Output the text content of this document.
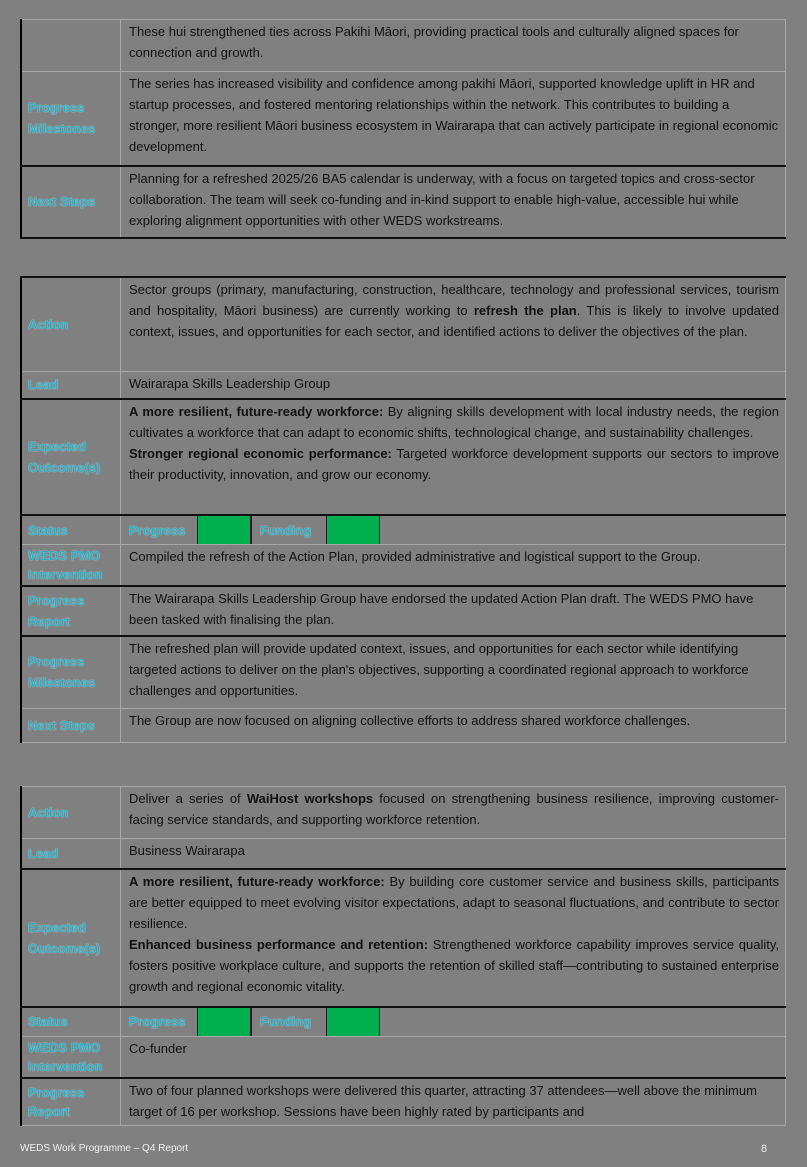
	These hui strengthened ties across Pakihi Māori, providing practical tools and culturally aligned spaces for connection and growth.
Progress Milestones	The series has increased visibility and confidence among pakihi Māori, supported knowledge uplift in HR and startup processes, and fostered mentoring relationships within the network. This contributes to building a stronger, more resilient Māori business ecosystem in Wairarapa that can actively participate in regional economic development.
Next Steps	Planning for a refreshed 2025/26 BA5 calendar is underway, with a focus on targeted topics and cross-sector collaboration. The team will seek co-funding and in-kind support to enable high-value, accessible hui while exploring alignment opportunities with other WEDS workstreams.
Action	Sector groups (primary, manufacturing, construction, healthcare, technology and professional services, tourism and hospitality, Māori business) are currently working to refresh the plan. This is likely to involve updated context, issues, and opportunities for each sector, and identified actions to deliver the objectives of the plan.
Lead	Wairarapa Skills Leadership Group
Expected Outcome(s)	A more resilient, future-ready workforce: By aligning skills development with local industry needs, the region cultivates a workforce that can adapt to economic shifts, technological change, and sustainability challenges.
Stronger regional economic performance: Targeted workforce development supports our sectors to improve their productivity, innovation, and grow our economy.
Status	Progress Funding

WEDS PMO Intervention	Compiled the refresh of the Action Plan, provided administrative and logistical support to the Group.
Progress Report	The Wairarapa Skills Leadership Group have endorsed the updated Action Plan draft. The WEDS PMO have been tasked with finalising the plan.
Progress Milestones	The refreshed plan will provide updated context, issues, and opportunities for each sector while identifying targeted actions to deliver on the plan's objectives, supporting a coordinated regional approach to workforce challenges and opportunities.
Next Steps	The Group are now focused on aligning collective efforts to address shared workforce challenges.
Action	Deliver a series of WaiHost workshops focused on strengthening business resilience, improving customer-facing service standards, and supporting workforce retention.
Lead	Business Wairarapa
Expected Outcome(s)	A more resilient, future-ready workforce: By building core customer service and business skills, participants are better equipped to meet evolving visitor expectations, adapt to seasonal fluctuations, and contribute to sector resilience.
Enhanced business performance and retention: Strengthened workforce capability improves service quality, fosters positive workplace culture, and supports the retention of skilled staff—contributing to sustained enterprise growth and regional economic vitality.
Status	Progress Funding

WEDS PMO Intervention	Co-funder
Progress Report	Two of four planned workshops were delivered this quarter, attracting 37 attendees—well above the minimum target of 16 per workshop. Sessions have been highly rated by participants and
WEDS Work Programme – Q4 Report	8
